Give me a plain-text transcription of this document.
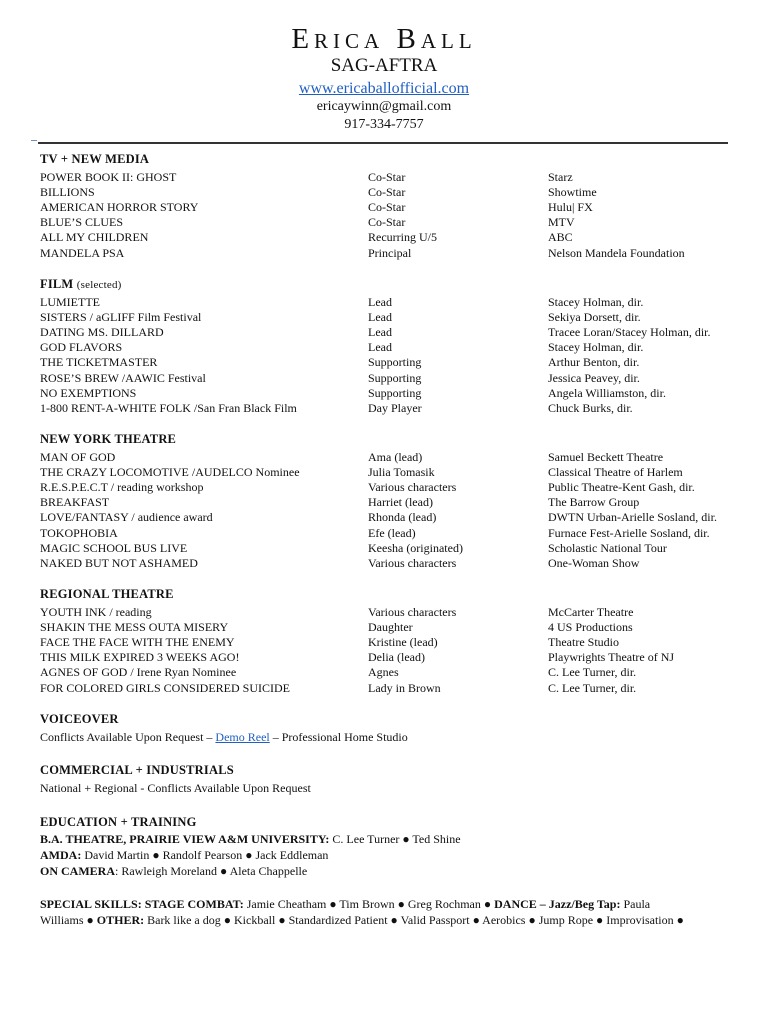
ERICA BALL
SAG-AFTRA
www.ericaballofficial.com
ericaywinn@gmail.com
917-334-7757
TV + NEW MEDIA
POWER BOOK II: GHOST	Co-Star	Starz
BILLIONS	Co-Star	Showtime
AMERICAN HORROR STORY	Co-Star	Hulu| FX
BLUE’S CLUES	Co-Star	MTV
ALL MY CHILDREN	Recurring U/5	ABC
MANDELA PSA	Principal	Nelson Mandela Foundation
FILM (selected)
LUMIETTE	Lead	Stacey Holman, dir.
SISTERS / aGLIFF Film Festival	Lead	Sekiya Dorsett, dir.
DATING MS. DILLARD	Lead	Tracee Loran/Stacey Holman, dir.
GOD FLAVORS	Lead	Stacey Holman, dir.
THE TICKETMASTER	Supporting	Arthur Benton, dir.
ROSE’S BREW /AAWIC Festival	Supporting	Jessica Peavey, dir.
NO EXEMPTIONS	Supporting	Angela Williamston, dir.
1-800 RENT-A-WHITE FOLK /San Fran Black Film	Day Player	Chuck Burks, dir.
NEW YORK THEATRE
MAN OF GOD	Ama (lead)	Samuel Beckett Theatre
THE CRAZY LOCOMOTIVE /AUDELCO Nominee	Julia Tomasik	Classical Theatre of Harlem
R.E.S.P.E.C.T / reading workshop	Various characters	Public Theatre-Kent Gash, dir.
BREAKFAST	Harriet (lead)	The Barrow Group
LOVE/FANTASY / audience award	Rhonda (lead)	DWTN Urban-Arielle Sosland, dir.
TOKOPHOBIA	Efe (lead)	Furnace Fest-Arielle Sosland, dir.
MAGIC SCHOOL BUS LIVE	Keesha (originated)	Scholastic National Tour
NAKED BUT NOT ASHAMED	Various characters	One-Woman Show
REGIONAL THEATRE
YOUTH INK / reading	Various characters	McCarter Theatre
SHAKIN THE MESS OUTA MISERY	Daughter	4 US Productions
FACE THE FACE WITH THE ENEMY	Kristine (lead)	Theatre Studio
THIS MILK EXPIRED 3 WEEKS AGO!	Delia (lead)	Playwrights Theatre of NJ
AGNES OF GOD / Irene Ryan Nominee	Agnes	C. Lee Turner, dir.
FOR COLORED GIRLS CONSIDERED SUICIDE	Lady in Brown	C. Lee Turner, dir.
VOICEOVER
Conflicts Available Upon Request – Demo Reel – Professional Home Studio
COMMERCIAL + INDUSTRIALS
National + Regional - Conflicts Available Upon Request
EDUCATION + TRAINING
B.A. THEATRE, PRAIRIE VIEW A&M UNIVERSITY: C. Lee Turner ● Ted Shine
AMDA: David Martin ● Randolf Pearson ● Jack Eddleman
ON CAMERA: Rawleigh Moreland ● Aleta Chappelle
SPECIAL SKILLS: STAGE COMBAT: Jamie Cheatham ● Tim Brown ● Greg Rochman ● DANCE – Jazz/Beg Tap: Paula
Williams ● OTHER: Bark like a dog ● Kickball ● Standardized Patient ● Valid Passport ● Aerobics ● Jump Rope ● Improvisation ●
